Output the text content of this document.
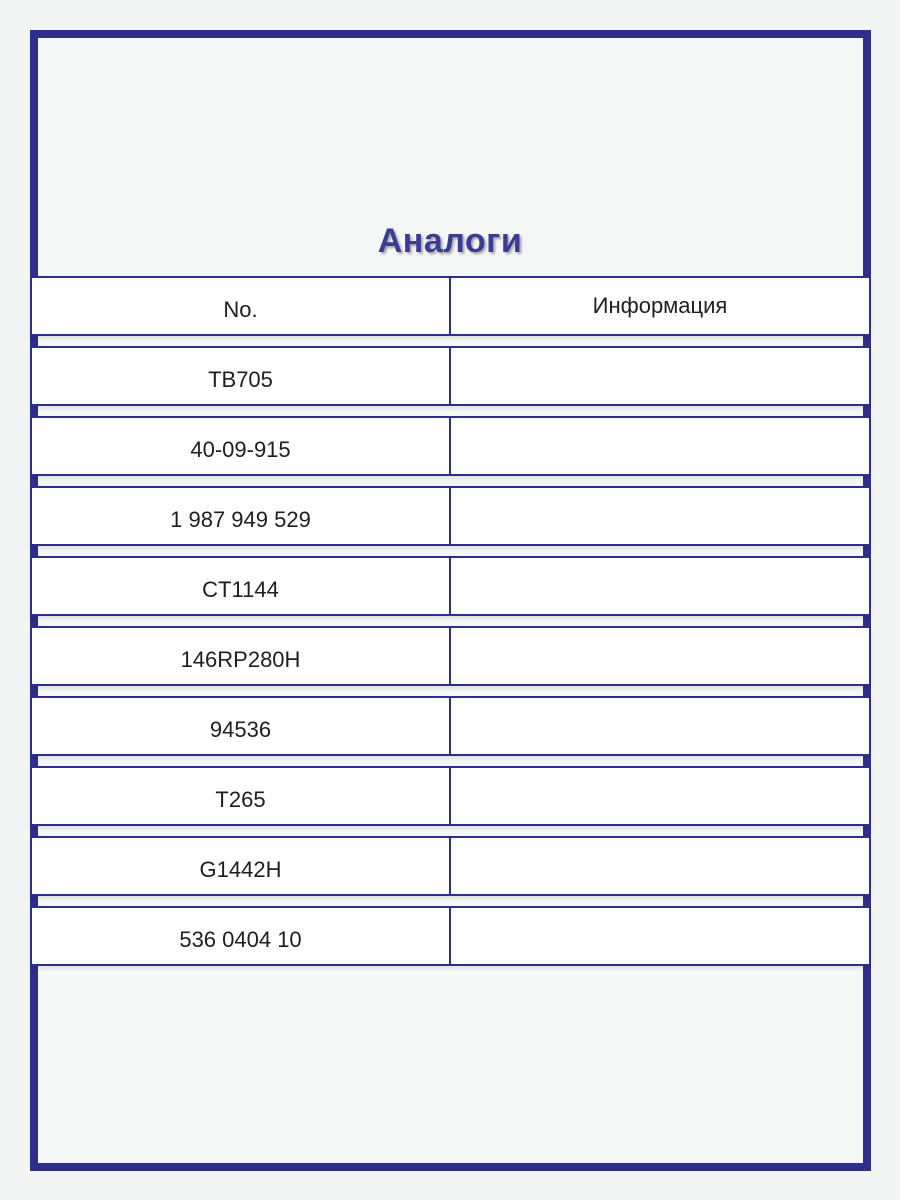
Аналоги
No.	Информация
TB705
40-09-915
1 987 949 529
CT1144
146RP280H
94536
T265
G1442H
536 0404 10
